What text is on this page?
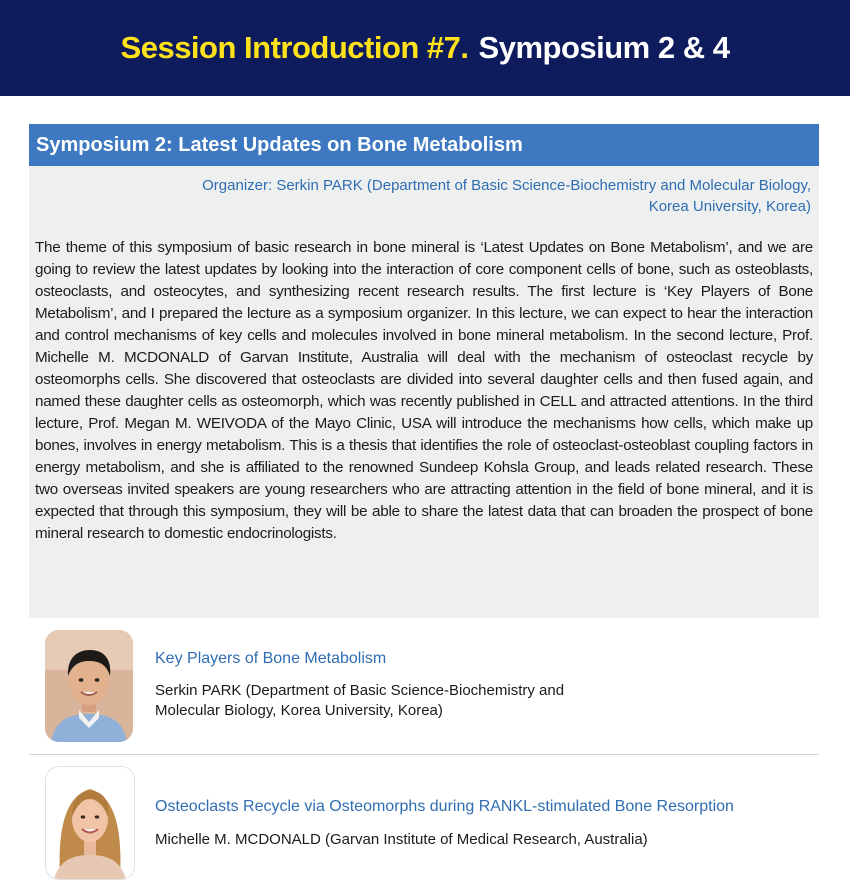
Session Introduction #7. Symposium 2 & 4
Symposium 2: Latest Updates on Bone Metabolism
Organizer: Serkin PARK (Department of Basic Science-Biochemistry and Molecular Biology,
Korea University, Korea)
The theme of this symposium of basic research in bone mineral is ‘Latest Updates on Bone Metabolism’, and we are going to review the latest updates by looking into the interaction of core component cells of bone, such as osteoblasts, osteoclasts, and osteocytes, and synthesizing recent research results. The first lecture is ‘Key Players of Bone Metabolism’, and I prepared the lecture as a symposium organizer. In this lecture, we can expect to hear the interaction and control mechanisms of key cells and molecules involved in bone mineral metabolism. In the second lecture, Prof. Michelle M. MCDONALD of Garvan Institute, Australia will deal with the mechanism of osteoclast recycle by osteomorphs cells. She discovered that osteoclasts are divided into several daughter cells and then fused again, and named these daughter cells as osteomorph, which was recently published in CELL and attracted attentions. In the third lecture, Prof. Megan M. WEIVODA of the Mayo Clinic, USA will introduce the mechanisms how cells, which make up bones, involves in energy metabolism. This is a thesis that identifies the role of osteoclast-osteoblast coupling factors in energy metabolism, and she is affiliated to the renowned Sundeep Kohsla Group, and leads related research. These two overseas invited speakers are young researchers who are attracting attention in the field of bone mineral, and it is expected that through this symposium, they will be able to share the latest data that can broaden the prospect of bone mineral research to domestic endocrinologists.
Key Players of Bone Metabolism
Serkin PARK (Department of Basic Science-Biochemistry and Molecular Biology, Korea University, Korea)
Osteoclasts Recycle via Osteomorphs during RANKL-stimulated Bone Resorption
Michelle M. MCDONALD (Garvan Institute of Medical Research, Australia)
